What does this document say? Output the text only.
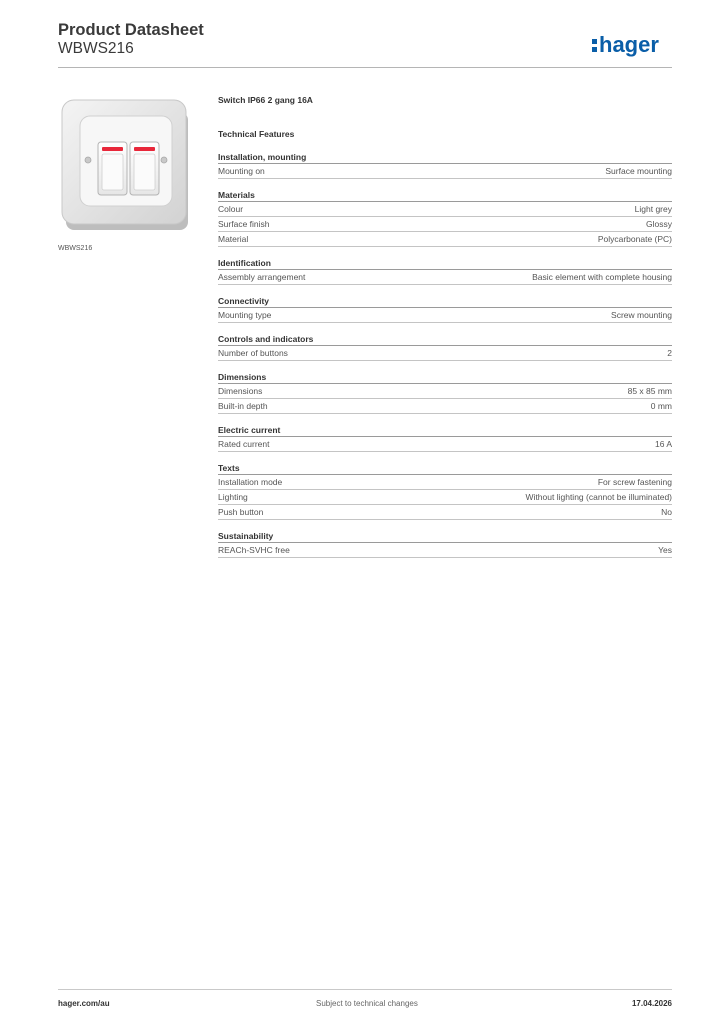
Product Datasheet
WBWS216	hager
WBWS216
Switch IP66 2 gang 16A
Technical Features
Installation, mounting
Mounting on	Surface mounting
Materials
Colour	Light grey
Surface finish	Glossy
Material	Polycarbonate (PC)
Identification
Assembly arrangement	Basic element with complete housing
Connectivity
Mounting type	Screw mounting
Controls and indicators
Number of buttons	2
Dimensions
Dimensions	85 x 85 mm
Built-in depth	0 mm
Electric current
Rated current	16 A
Texts
Installation mode	For screw fastening
Lighting	Without lighting (cannot be illuminated)
Push button	No
Sustainability
REACh-SVHC free	Yes
hager.com/au	Subject to technical changes	17.04.2026
